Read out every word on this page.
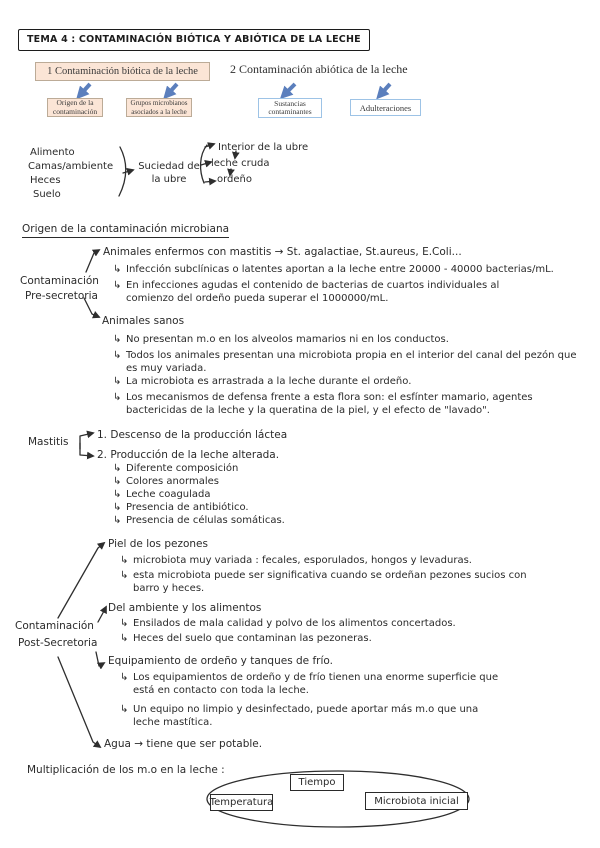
TEMA 4 : CONTAMINACIÓN BIÓTICA Y ABIÓTICA DE LA LECHE
1 Contaminación biótica de la leche
Origen de la contaminación
Grupos microbianos asociados a la leche
2 Contaminación abiótica de la leche
Sustancias contaminantes	Adulteraciones
Alimento
Camas/ambiente
Heces
Suelo
Suciedad de la ubre
Interior de la ubre
leche cruda
ordeño
Origen de la contaminación microbiana
Contaminación
Pre-secretoria
Animales enfermos con mastitis → St. agalactiae, St.aureus, E.Coli...
↳ Infección subclínicas o latentes aportan a la leche entre 20000 - 40000 bacterias/mL.
↳ En infecciones agudas el contenido de bacterias de cuartos individuales al comienzo del ordeño pueda superar el 1000000/mL.
Animales sanos
↳ No presentan m.o en los alveolos mamarios ni en los conductos.
↳ Todos los animales presentan una microbiota propia en el interior del canal del pezón que es muy variada.
↳ La microbiota es arrastrada a la leche durante el ordeño.
↳ Los mecanismos de defensa frente a esta flora son: el esfínter mamario, agentes bactericidas de la leche y la queratina de la piel, y el efecto de "lavado".
Mastitis
1. Descenso de la producción láctea
2. Producción de la leche alterada.
↳ Diferente composición
↳ Colores anormales
↳ Leche coagulada
↳ Presencia de antibiótico.
↳ Presencia de células somáticas.
Contaminación
Post-Secretoria
Piel de los pezones
↳ microbiota muy variada : fecales, esporulados, hongos y levaduras.
↳ esta microbiota puede ser significativa cuando se ordeñan pezones sucios con barro y heces.
Del ambiente y los alimentos
↳ Ensilados de mala calidad y polvo de los alimentos concertados.
↳ Heces del suelo que contaminan las pezoneras.
Equipamiento de ordeño y tanques de frío.
↳ Los equipamientos de ordeño y de frío tienen una enorme superficie que está en contacto con toda la leche.
↳ Un equipo no limpio y desinfectado, puede aportar más m.o que una leche mastítica.
Agua → tiene que ser potable.
Multiplicación de los m.o en la leche :
Tiempo
Temperatura	Microbiota inicial
